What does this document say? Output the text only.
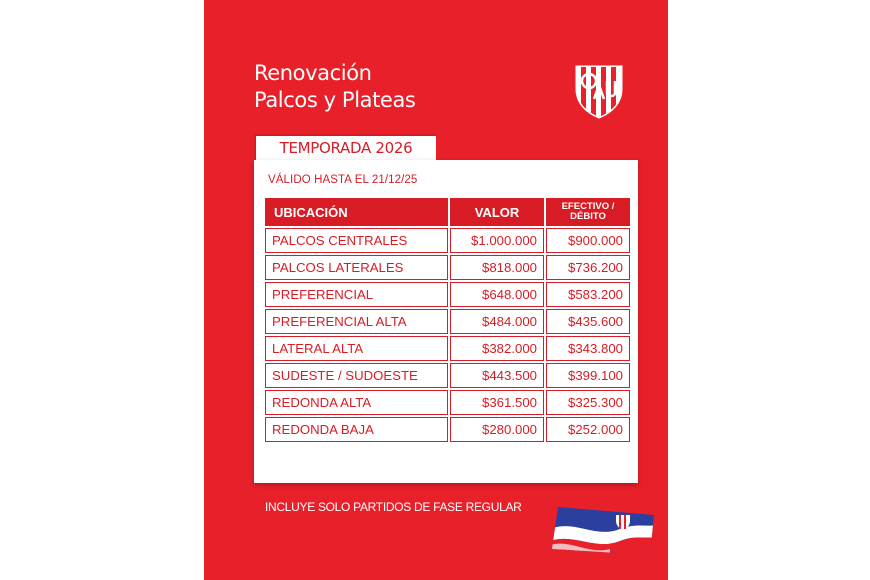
Renovación
Palcos y Plateas
TEMPORADA 2026
VÁLIDO HASTA EL 21/12/25
UBICACIÓN	VALOR	EFECTIVO / DÉBITO
PALCOS CENTRALES	$1.000.000	$900.000
PALCOS LATERALES	$818.000	$736.200
PREFERENCIAL	$648.000	$583.200
PREFERENCIAL ALTA	$484.000	$435.600
LATERAL ALTA	$382.000	$343.800
SUDESTE / SUDOESTE	$443.500	$399.100
REDONDA ALTA	$361.500	$325.300
REDONDA BAJA	$280.000	$252.000
INCLUYE SOLO PARTIDOS DE FASE REGULAR
